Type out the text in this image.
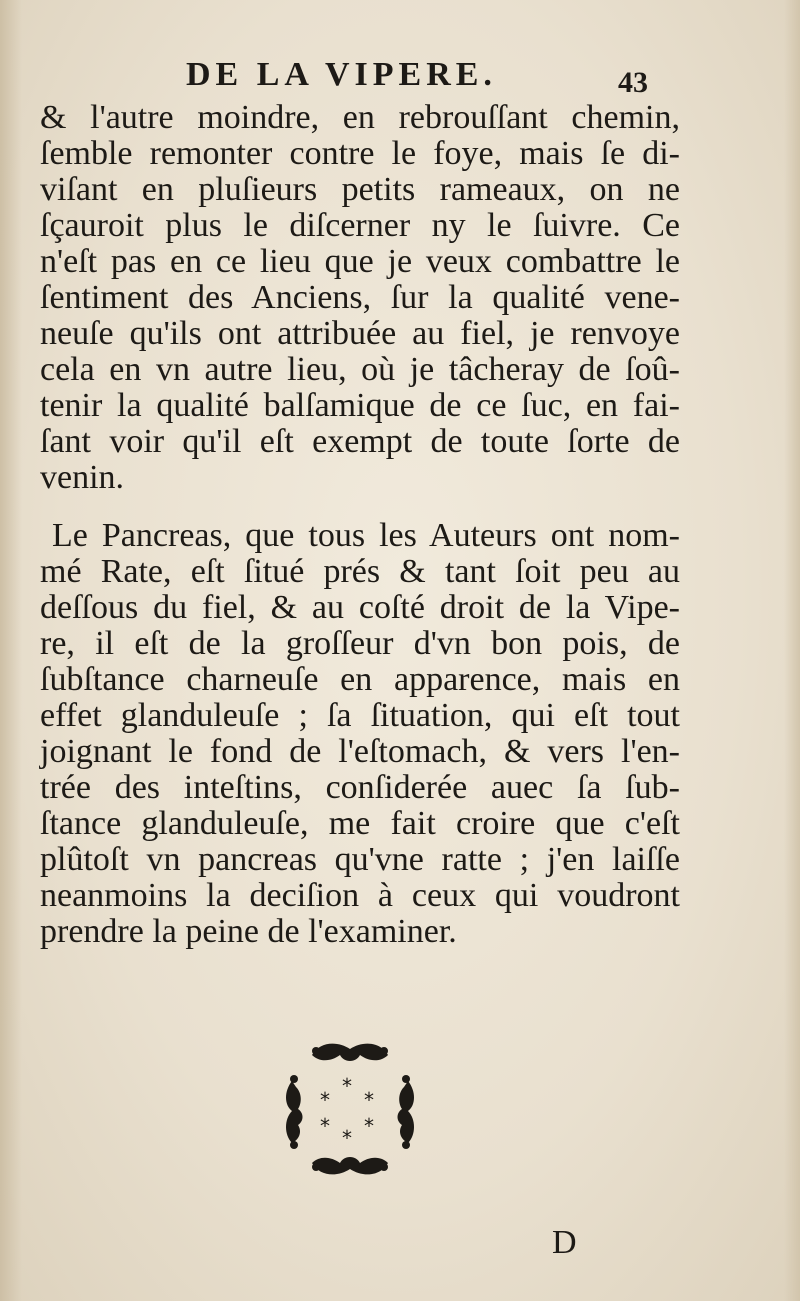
DE LA VIPERE.	43
& l'autre moindre, en rebrouſſant chemin,
ſemble remonter contre le foye, mais ſe di-
viſant en pluſieurs petits rameaux, on ne
ſçauroit plus le diſcerner ny le ſuivre. Ce
n'eſt pas en ce lieu que je veux combattre le
ſentiment des Anciens, ſur la qualité vene-
neuſe qu'ils ont attribuée au fiel, je renvoye
cela en vn autre lieu, où je tâcheray de ſoû-
tenir la qualité balſamique de ce ſuc, en fai-
ſant voir qu'il eſt exempt de toute ſorte de
venin.
Le Pancreas, que tous les Auteurs ont nom-
mé Rate, eſt ſitué prés & tant ſoit peu au
deſſous du fiel, & au coſté droit de la Vipe-
re, il eſt de la groſſeur d'vn bon pois, de
ſubſtance charneuſe en apparence, mais en
effet glanduleuſe ; ſa ſituation, qui eſt tout
joignant le fond de l'eſtomach, & vers l'en-
trée des inteſtins, conſiderée auec ſa ſub-
ſtance glanduleuſe, me fait croire que c'eſt
plûtoſt vn pancreas qu'vne ratte ; j'en laiſſe
neanmoins la deciſion à ceux qui voudront
prendre la peine de l'examiner.
*
*
*
* * *
D
